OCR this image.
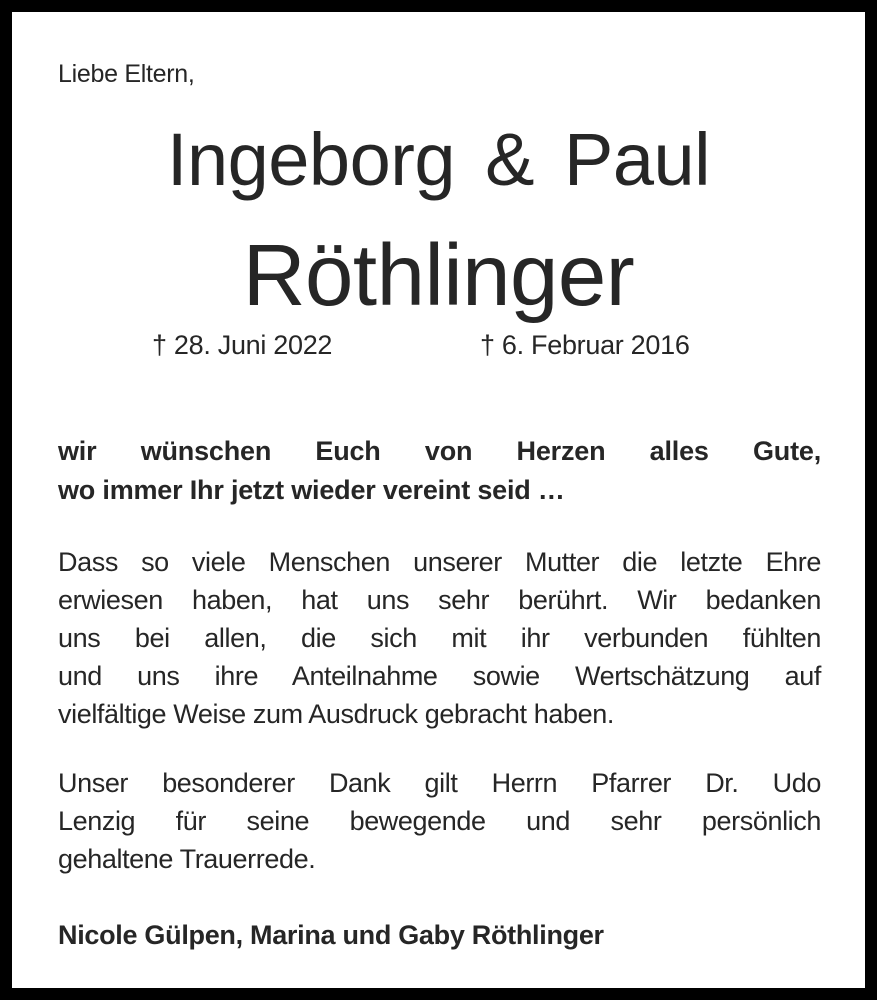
Liebe Eltern,

Ingeborg & Paul
Röthlinger
† 28. Juni 2022	† 6. Februar 2016

wir wünschen Euch von Herzen alles Gute,
wo immer Ihr jetzt wieder vereint seid …

Dass so viele Menschen unserer Mutter die letzte Ehre
erwiesen haben, hat uns sehr berührt. Wir bedanken
uns bei allen, die sich mit ihr verbunden fühlten
und uns ihre Anteilnahme sowie Wertschätzung auf
vielfältige Weise zum Ausdruck gebracht haben.

Unser besonderer Dank gilt Herrn Pfarrer Dr. Udo
Lenzig für seine bewegende und sehr persönlich
gehaltene Trauerrede.

Nicole Gülpen, Marina und Gaby Röthlinger
